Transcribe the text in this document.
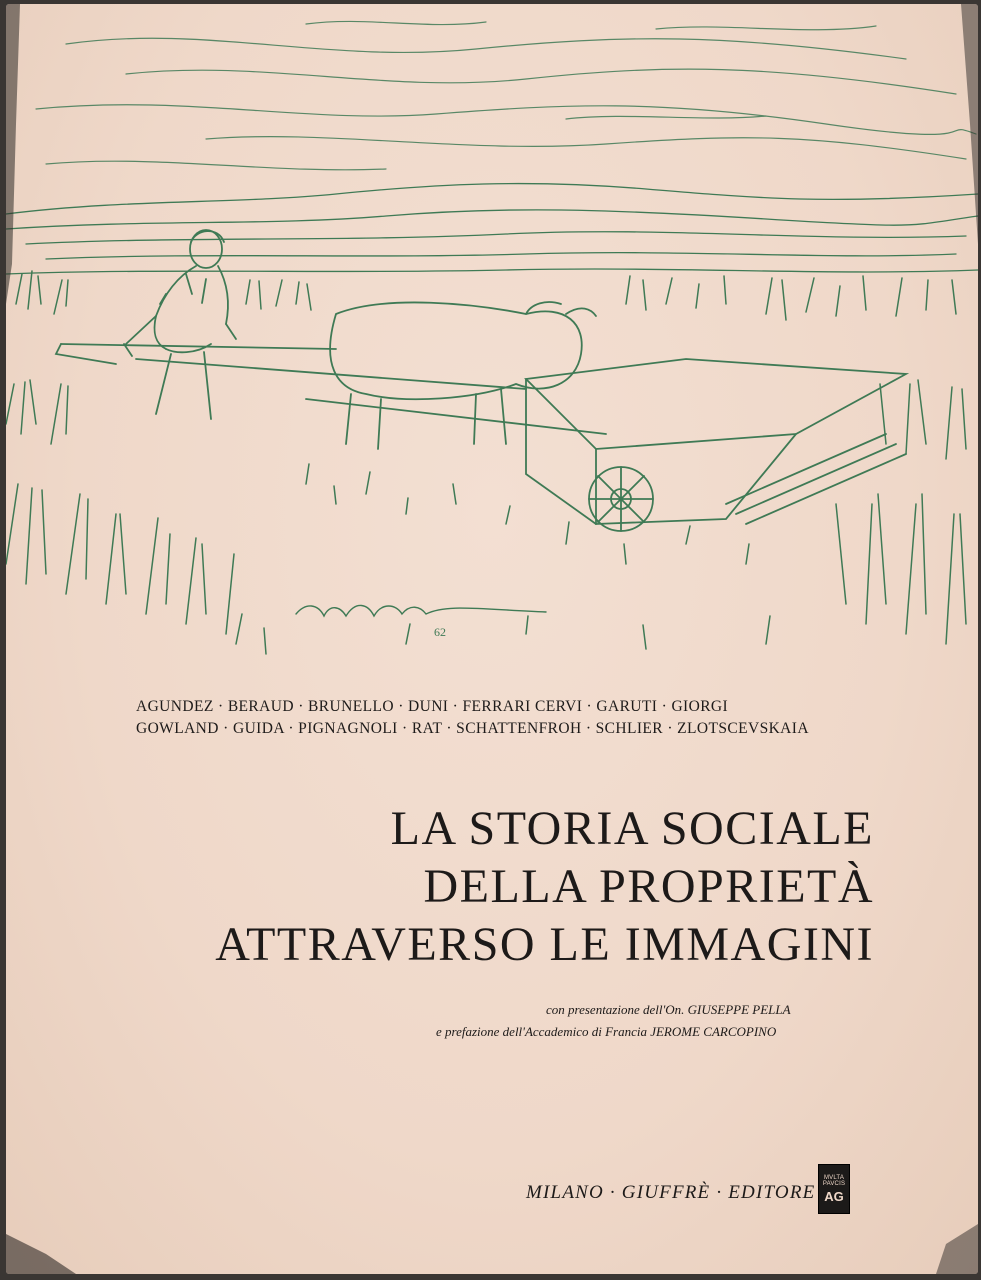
62
AGUNDEZ · BERAUD · BRUNELLO · DUNI · FERRARI CERVI · GARUTI · GIORGI
GOWLAND · GUIDA · PIGNAGNOLI · RAT · SCHATTENFROH · SCHLIER · ZLOTSCEVSKAIA
LA STORIA SOCIALE
DELLA PROPRIETÀ
ATTRAVERSO LE IMMAGINI
con presentazione dell'On. GIUSEPPE PELLA
e prefazione dell'Accademico di Francia JEROME CARCOPINO
MILANO · GIUFFRÈ · EDITORE
MVLTA
PAVCIS
AG
